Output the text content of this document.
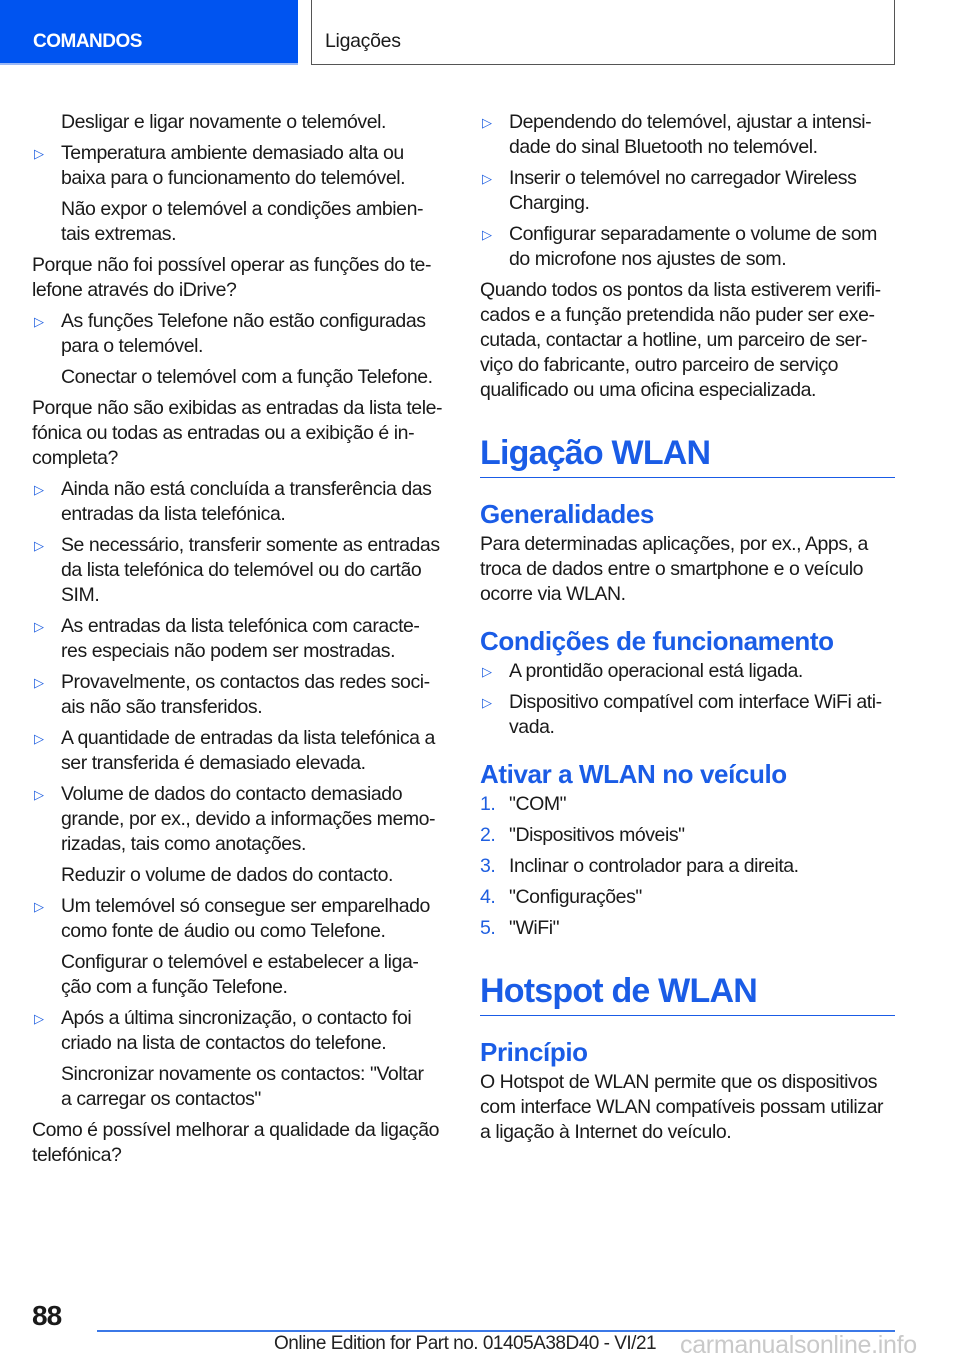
COMANDOS	Ligações
Desligar e ligar novamente o telemóvel.
▷ Temperatura ambiente demasiado alta ou
baixa para o funcionamento do telemóvel.
Não expor o telemóvel a condições ambien-
tais extremas.
Porque não foi possível operar as funções do te-
lefone através do iDrive?
▷ As funções Telefone não estão configuradas
para o telemóvel.
Conectar o telemóvel com a função Telefone.
Porque não são exibidas as entradas da lista tele-
fónica ou todas as entradas ou a exibição é in-
completa?
▷ Ainda não está concluída a transferência das
entradas da lista telefónica.
▷ Se necessário, transferir somente as entradas
da lista telefónica do telemóvel ou do cartão
SIM.
▷ As entradas da lista telefónica com caracte-
res especiais não podem ser mostradas.
▷ Provavelmente, os contactos das redes soci-
ais não são transferidos.
▷ A quantidade de entradas da lista telefónica a
ser transferida é demasiado elevada.
▷ Volume de dados do contacto demasiado
grande, por ex., devido a informações memo-
rizadas, tais como anotações.
Reduzir o volume de dados do contacto.
▷ Um telemóvel só consegue ser emparelhado
como fonte de áudio ou como Telefone.
Configurar o telemóvel e estabelecer a liga-
ção com a função Telefone.
▷ Após a última sincronização, o contacto foi
criado na lista de contactos do telefone.
Sincronizar novamente os contactos: "Voltar
a carregar os contactos"
Como é possível melhorar a qualidade da ligação
telefónica?
▷ Dependendo do telemóvel, ajustar a intensi-
dade do sinal Bluetooth no telemóvel.
▷ Inserir o telemóvel no carregador Wireless
Charging.
▷ Configurar separadamente o volume de som
do microfone nos ajustes de som.
Quando todos os pontos da lista estiverem verifi-
cados e a função pretendida não puder ser exe-
cutada, contactar a hotline, um parceiro de ser-
viço do fabricante, outro parceiro de serviço
qualificado ou uma oficina especializada.
Ligação WLAN
Generalidades
Para determinadas aplicações, por ex., Apps, a
troca de dados entre o smartphone e o veículo
ocorre via WLAN.
Condições de funcionamento
▷ A prontidão operacional está ligada.
▷ Dispositivo compatível com interface WiFi ati-
vada.
Ativar a WLAN no veículo
1. "COM"
2. "Dispositivos móveis"
3. Inclinar o controlador para a direita.
4. "Configurações"
5. "WiFi"
Hotspot de WLAN
Princípio
O Hotspot de WLAN permite que os dispositivos
com interface WLAN compatíveis possam utilizar
a ligação à Internet do veículo.
88
Online Edition for Part no. 01405A38D40 - VI/21 carmanualsonline.info
